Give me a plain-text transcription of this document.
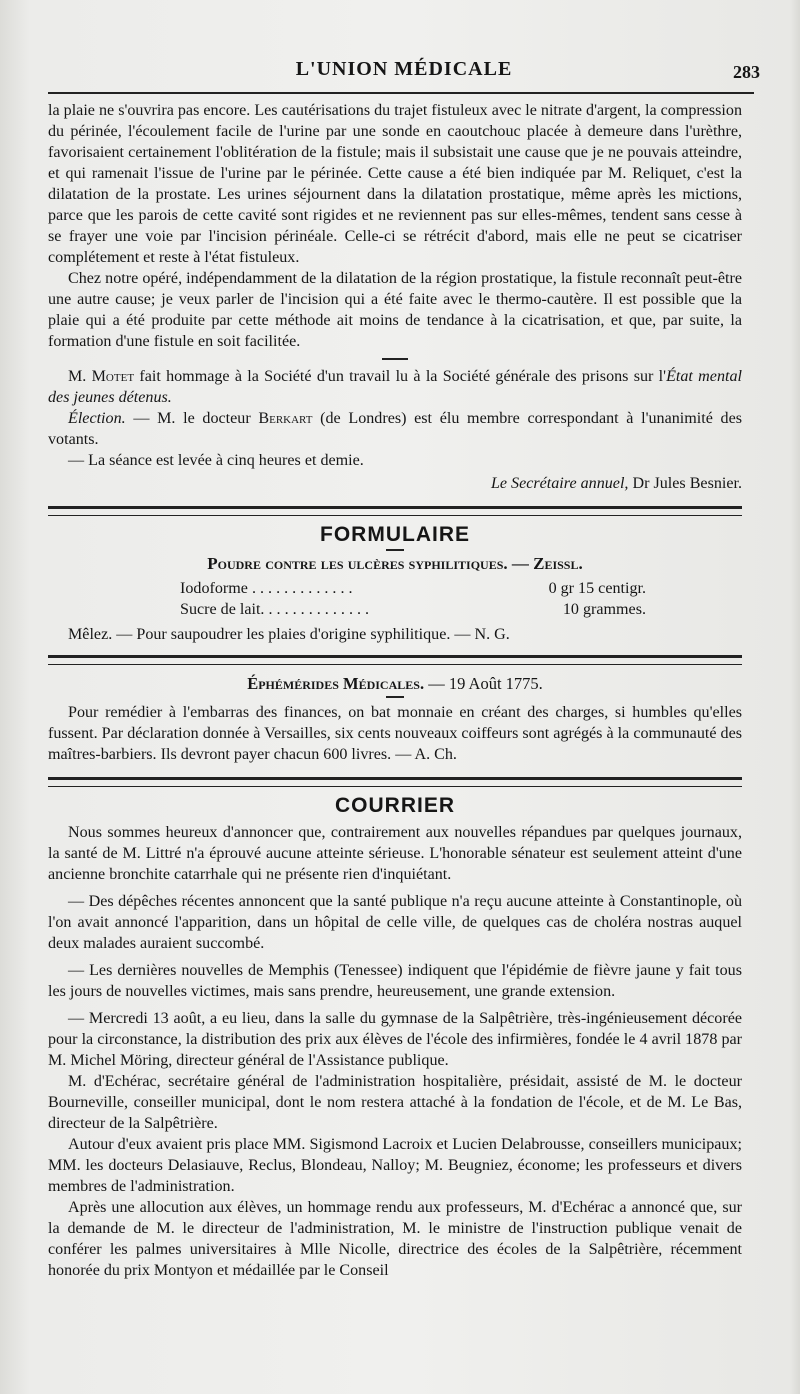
L'UNION MÉDICALE	283

la plaie ne s'ouvrira pas encore. Les cautérisations du trajet fistuleux avec le nitrate d'argent, la compression du périnée, l'écoulement facile de l'urine par une sonde en caoutchouc placée à demeure dans l'urèthre, favorisaient certainement l'oblitération de la fistule; mais il subsistait une cause que je ne pouvais atteindre, et qui ramenait l'issue de l'urine par le périnée. Cette cause a été bien indiquée par M. Reliquet, c'est la dilatation de la prostate. Les urines séjournent dans la dilatation prostatique, même après les mictions, parce que les parois de cette cavité sont rigides et ne reviennent pas sur elles-mêmes, tendent sans cesse à se frayer une voie par l'incision périnéale. Celle-ci se rétrécit d'abord, mais elle ne peut se cicatriser complétement et reste à l'état fistuleux.

Chez notre opéré, indépendamment de la dilatation de la région prostatique, la fistule reconnaît peut-être une autre cause; je veux parler de l'incision qui a été faite avec le thermo-cautère. Il est possible que la plaie qui a été produite par cette méthode ait moins de tendance à la cicatrisation, et que, par suite, la formation d'une fistule en soit facilitée.

M. Motet fait hommage à la Société d'un travail lu à la Société générale des prisons sur l'État mental des jeunes détenus.

Élection. — M. le docteur Berkart (de Londres) est élu membre correspondant à l'unanimité des votants.

— La séance est levée à cinq heures et demie.

Le Secrétaire annuel, Dr Jules Besnier.

FORMULAIRE
Poudre contre les ulcères syphilitiques. — Zeissl.
Iodoforme . . . . . . . . . . . . .	0 gr 15 centigr.
Sucre de lait. . . . . . . . . . . . . .	10 grammes.

Mêlez. — Pour saupoudrer les plaies d'origine syphilitique. — N. G.

Éphémérides Médicales. — 19 Août 1775.

Pour remédier à l'embarras des finances, on bat monnaie en créant des charges, si humbles qu'elles fussent. Par déclaration donnée à Versailles, six cents nouveaux coiffeurs sont agrégés à la communauté des maîtres-barbiers. Ils devront payer chacun 600 livres. — A. Ch.

COURRIER

Nous sommes heureux d'annoncer que, contrairement aux nouvelles répandues par quelques journaux, la santé de M. Littré n'a éprouvé aucune atteinte sérieuse. L'honorable sénateur est seulement atteint d'une ancienne bronchite catarrhale qui ne présente rien d'inquiétant.

— Des dépêches récentes annoncent que la santé publique n'a reçu aucune atteinte à Constantinople, où l'on avait annoncé l'apparition, dans un hôpital de celle ville, de quelques cas de choléra nostras auquel deux malades auraient succombé.

— Les dernières nouvelles de Memphis (Tenessee) indiquent que l'épidémie de fièvre jaune y fait tous les jours de nouvelles victimes, mais sans prendre, heureusement, une grande extension.

— Mercredi 13 août, a eu lieu, dans la salle du gymnase de la Salpêtrière, très-ingénieusement décorée pour la circonstance, la distribution des prix aux élèves de l'école des infirmières, fondée le 4 avril 1878 par M. Michel Möring, directeur général de l'Assistance publique.

M. d'Echérac, secrétaire général de l'administration hospitalière, présidait, assisté de M. le docteur Bourneville, conseiller municipal, dont le nom restera attaché à la fondation de l'école, et de M. Le Bas, directeur de la Salpêtrière.

Autour d'eux avaient pris place MM. Sigismond Lacroix et Lucien Delabrousse, conseillers municipaux; MM. les docteurs Delasiauve, Reclus, Blondeau, Nalloy; M. Beugniez, économe; les professeurs et divers membres de l'administration.

Après une allocution aux élèves, un hommage rendu aux professeurs, M. d'Echérac a annoncé que, sur la demande de M. le directeur de l'administration, M. le ministre de l'instruction publique venait de conférer les palmes universitaires à Mlle Nicolle, directrice des écoles de la Salpêtrière, récemment honorée du prix Montyon et médaillée par le Conseil
